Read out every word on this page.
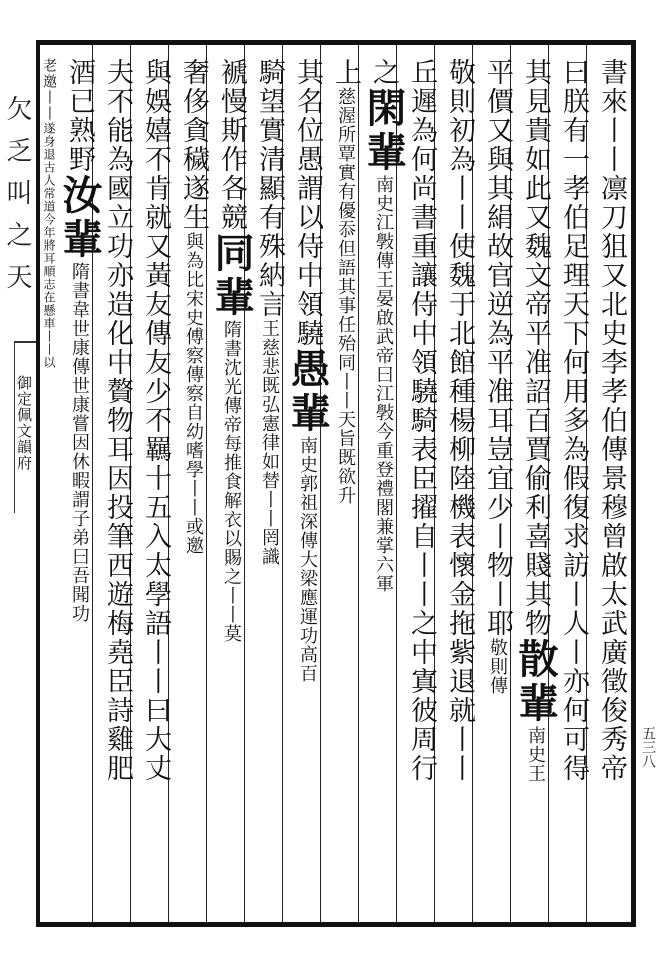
欠乏叫之天
御定佩文韻府	書來丨丨凛刀狙又北史李孝伯傳景穆曾啟太武廣徵俊秀帝
曰朕有一孝伯足理天下何用多為假復求訪丨人丨亦何可得
其見貴如此又魏文帝平准詔百賈偷利喜賤其物散輩南史王
平價又與其絹故官逆為平准耳豈宜少丨物丨耶敬則傳
敬則初為丨丨使魏于北館種楊柳陸機表懷金拖紫退就丨丨
丘遲為何尚書重讓侍中領驍騎表臣擢自丨丨之中寘彼周行
之閑輩南史江斅傳王晏啟武帝曰江斅今重登禮閣兼掌六軍
上慈渥所覃實有優忝但語其事任殆同丨丨天旨既欲升
其名位愚謂以侍中領驍愚輩南史郭祖深傳大梁應運功高百
騎望實清顯有殊納言王慈悲既弘憲律如替丨丨罔識
褫慢斯作各競同輩隋書沈光傳帝每推食解衣以賜之丨丨莫
奢侈貪穢遂生與為比宋史傅察傳察自幼嗜學丨丨或邀
與娛嬉不肯就又黃友傳友少不羈十五入太學語丨丨曰大丈
夫不能為國立功亦造化中贅物耳因投筆西遊梅堯臣詩雞肥
酒已熟野汝輩隋書韋世康傳世康嘗因休暇謂子弟曰吾聞功
老邀丨丨遂身退古人常道今年將耳順志在懸車丨丨以
五三八
